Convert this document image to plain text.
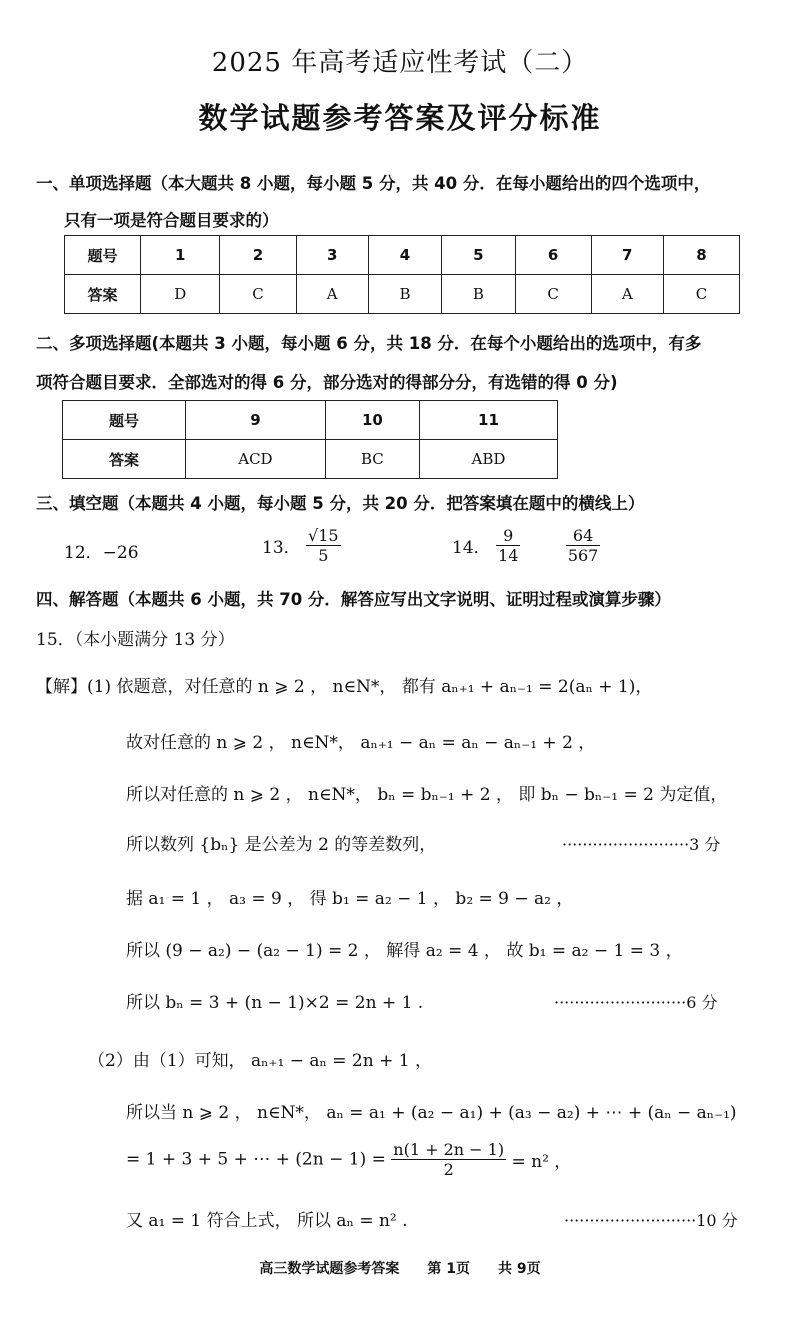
2025 年高考适应性考试（二）
数学试题参考答案及评分标准
一、单项选择题（本大题共 8 小题，每小题 5 分，共 40 分．在每小题给出的四个选项中，
只有一项是符合题目要求的）
题号	1	2	3	4	5	6	7	8
答案	D	C	A	B	B	C	A	C
二、多项选择题(本题共 3 小题，每小题 6 分，共 18 分．在每个小题给出的选项中，有多
项符合题目要求．全部选对的得 6 分，部分选对的得部分分，有选错的得 0 分)
题号	9	10	11
答案	ACD	BC	ABD
三、填空题（本题共 4 小题，每小题 5 分，共 20 分．把答案填在题中的横线上）
12．−26	13． $\frac{√15}{5}$	14． $\frac{9}{14}$
	$\frac{64}{567}$
四、解答题（本题共 6 小题，共 70 分．解答应写出文字说明、证明过程或演算步骤）
15．（本小题满分 13 分）
【解】(1) 依题意，对任意的 n ⩾ 2 ， n∈N*， 都有 aₙ₊₁ + aₙ₋₁ = 2(aₙ + 1)，
故对任意的 n ⩾ 2 ， n∈N*， aₙ₊₁ − aₙ = aₙ − aₙ₋₁ + 2 ，
所以对任意的 n ⩾ 2 ， n∈N*， bₙ = bₙ₋₁ + 2 ， 即 bₙ − bₙ₋₁ = 2 为定值，
所以数列 {bₙ} 是公差为 2 的等差数列，	·························3 分
据 a₁ = 1 ， a₃ = 9 ， 得 b₁ = a₂ − 1 ， b₂ = 9 − a₂ ，
所以 (9 − a₂) − (a₂ − 1) = 2 ， 解得 a₂ = 4 ， 故 b₁ = a₂ − 1 = 3 ，
所以 bₙ = 3 + (n − 1)×2 = 2n + 1 .	··························6 分
（2）由（1）可知， aₙ₊₁ − aₙ = 2n + 1 ，
所以当 n ⩾ 2 ， n∈N*， aₙ = a₁ + (a₂ − a₁) + (a₃ − a₂) + ⋯ + (aₙ − aₙ₋₁)
= 1 + 3 + 5 + ⋯ + $(2n - 1) = \frac{n(1 + 2n - 1)}{2} = n^2$ ，
又 a₁ = 1 符合上式， 所以 aₙ = n² .	··························10 分
高三数学试题参考答案　　第 1页　　共 9页
